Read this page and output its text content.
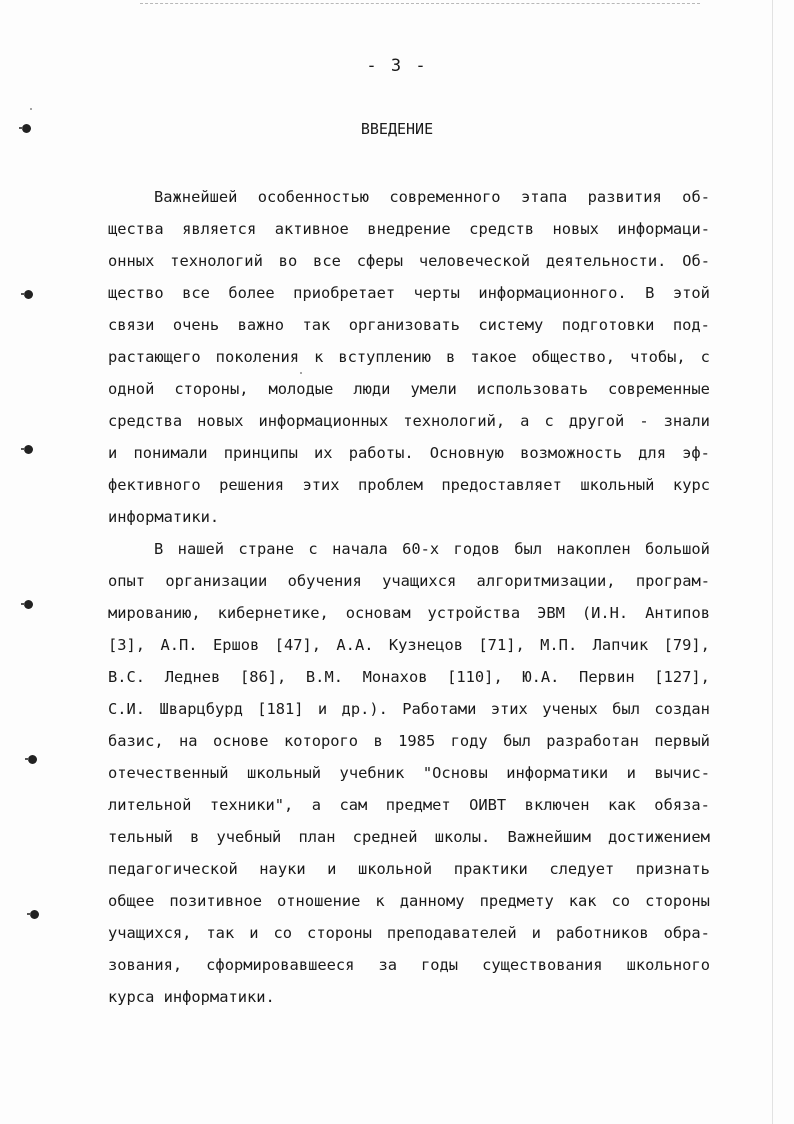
- 3 -
ВВЕДЕНИЕ
Важнейшей особенностью современного этапа развития об-
щества является активное внедрение средств новых информаци-
онных технологий во все сферы человеческой деятельности. Об-
щество все более приобретает черты информационного. В этой
связи очень важно так организовать систему подготовки под-
растающего поколения к вступлению в такое общество, чтобы, с
одной стороны, молодые люди умели использовать современные
средства новых информационных технологий, а с другой - знали
и понимали принципы их работы. Основную возможность для эф-
фективного решения этих проблем предоставляет школьный курс
информатики.
В нашей стране с начала 60-х годов был накоплен большой
опыт организации обучения учащихся алгоритмизации, програм-
мированию, кибернетике, основам устройства ЭВМ (И.Н. Антипов
[3], А.П. Ершов [47], А.А. Кузнецов [71], М.П. Лапчик [79],
В.С. Леднев [86], В.М. Монахов [110], Ю.А. Первин [127],
С.И. Шварцбурд [181] и др.). Работами этих ученых был создан
базис, на основе которого в 1985 году был разработан первый
отечественный школьный учебник "Основы информатики и вычис-
лительной техники", а сам предмет ОИВТ включен как обяза-
тельный в учебный план средней школы. Важнейшим достижением
педагогической науки и школьной практики следует признать
общее позитивное отношение к данному предмету как со стороны
учащихся, так и со стороны преподавателей и работников обра-
зования, сформировавшееся за годы существования школьного
курса информатики.
